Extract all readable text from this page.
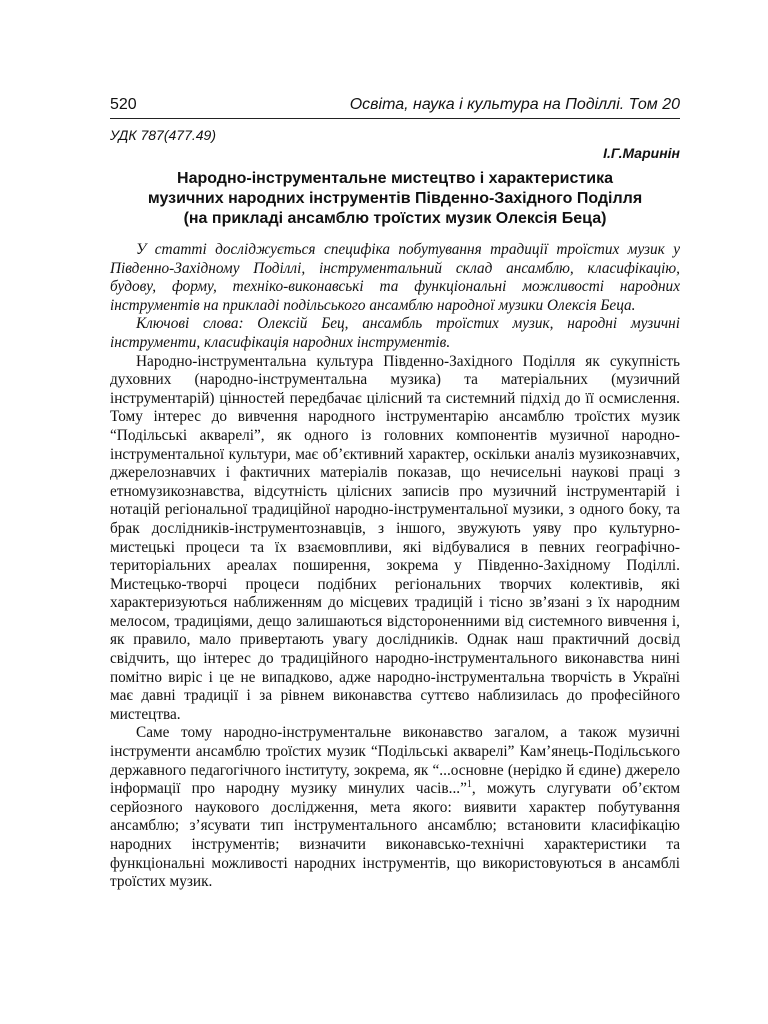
520	Освіта, наука і культура на Поділлі. Том 20
УДК 787(477.49)
І.Г.Маринін
Народно-інструментальне мистецтво і характеристика
музичних народних інструментів Південно-Західного Поділля
(на прикладі ансамблю троїстих музик Олексія Беца)

У статті досліджується специфіка побутування традиції троїстих музик у Південно-Західному Поділлі, інструментальний склад ансамблю, класифікацію, будову, форму, техніко-виконавські та функціональні можливості народних інструментів на прикладі подільського ансамблю народної музики Олексія Беца.

Ключові слова: Олексій Бец, ансамбль троїстих музик, народні музичні інструменти, класифікація народних інструментів.

Народно-інструментальна культура Південно-Західного Поділля як сукупність духовних (народно-інструментальна музика) та матеріальних (музичний інструментарій) цінностей передбачає цілісний та системний підхід до її осмислення. Тому інтерес до вивчення народного інструментарію ансамблю троїстих музик “Подільські акварелі”, як одного із головних компонентів музичної народно-інструментальної культури, має об’єктивний характер, оскільки аналіз музикознавчих, джерелознавчих і фактичних матеріалів показав, що нечисельні наукові праці з етномузикознавства, відсутність цілісних записів про музичний інструментарій і нотацій регіональної традиційної народно-інструментальної музики, з одного боку, та брак дослідників-інструментознавців, з іншого, звужують уяву про культурно-мистецькі процеси та їх взаємовпливи, які відбувалися в певних географічно-територіальних ареалах поширення, зокрема у Південно-Західному Поділлі. Мистецько-творчі процеси подібних регіональних творчих колективів, які характеризуються наближенням до місцевих традицій і тісно зв’язані з їх народним мелосом, традиціями, дещо залишаються відстороненними від системного вивчення і, як правило, мало привертають увагу дослідників. Однак наш практичний досвід свідчить, що інтерес до традиційного народно-інструментального виконавства нині помітно виріс і це не випадково, адже народно-інструментальна творчість в Україні має давні традиції і за рівнем виконавства суттєво наблизилась до професійного мистецтва.

Саме тому народно-інструментальне виконавство загалом, а також музичні інструменти ансамблю троїстих музик “Подільські акварелі” Кам’янець-Подільського державного педагогічного інституту, зокрема, як “...основне (нерідко й єдине) джерело інформації про народну музику минулих часів...”$^1$, можуть слугувати об’єктом серйозного наукового дослідження, мета якого: виявити характер побутування ансамблю; з’ясувати тип інструментального ансамблю; встановити класифікацію народних інструментів; визначити виконавсько-технічні характеристики та функціональні можливості народних інструментів, що використовуються в ансамблі троїстих музик.
